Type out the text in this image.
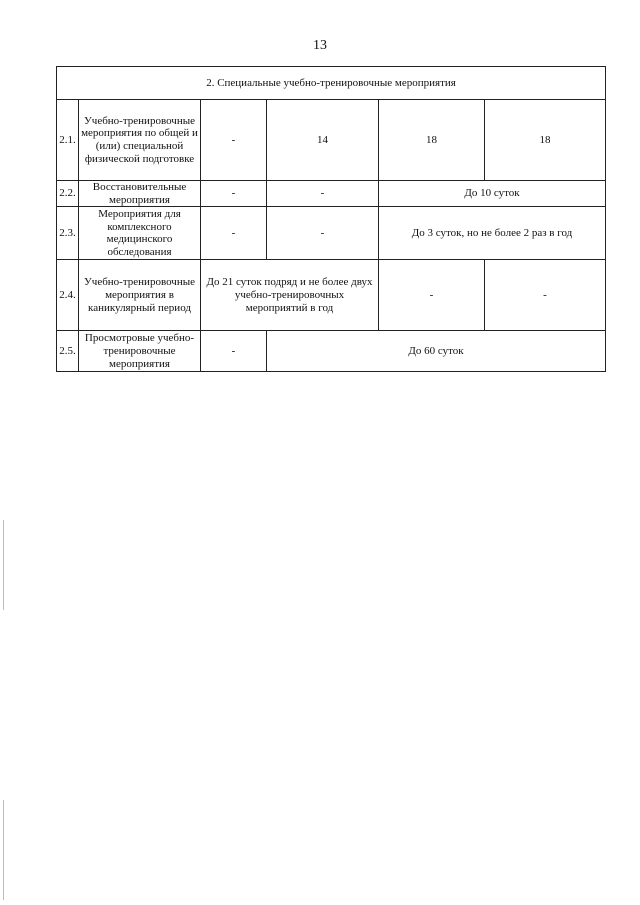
13
2. Специальные учебно-тренировочные мероприятия					
2.1.	Учебно-тренировочные мероприятия по общей и (или) специальной физической подготовке	-	14	18	18
2.2.	Восстановительные мероприятия	-	-	До 10 суток	
2.3.	Мероприятия для комплексного медицинского обследования	-	-	До 3 суток, но не более 2 раз в год	
2.4.	Учебно-тренировочные мероприятия в каникулярный период	До 21 суток подряд и не более двух учебно-тренировочных мероприятий в год		-	-
2.5.	Просмотровые учебно-тренировочные мероприятия	-	До 60 суток		
